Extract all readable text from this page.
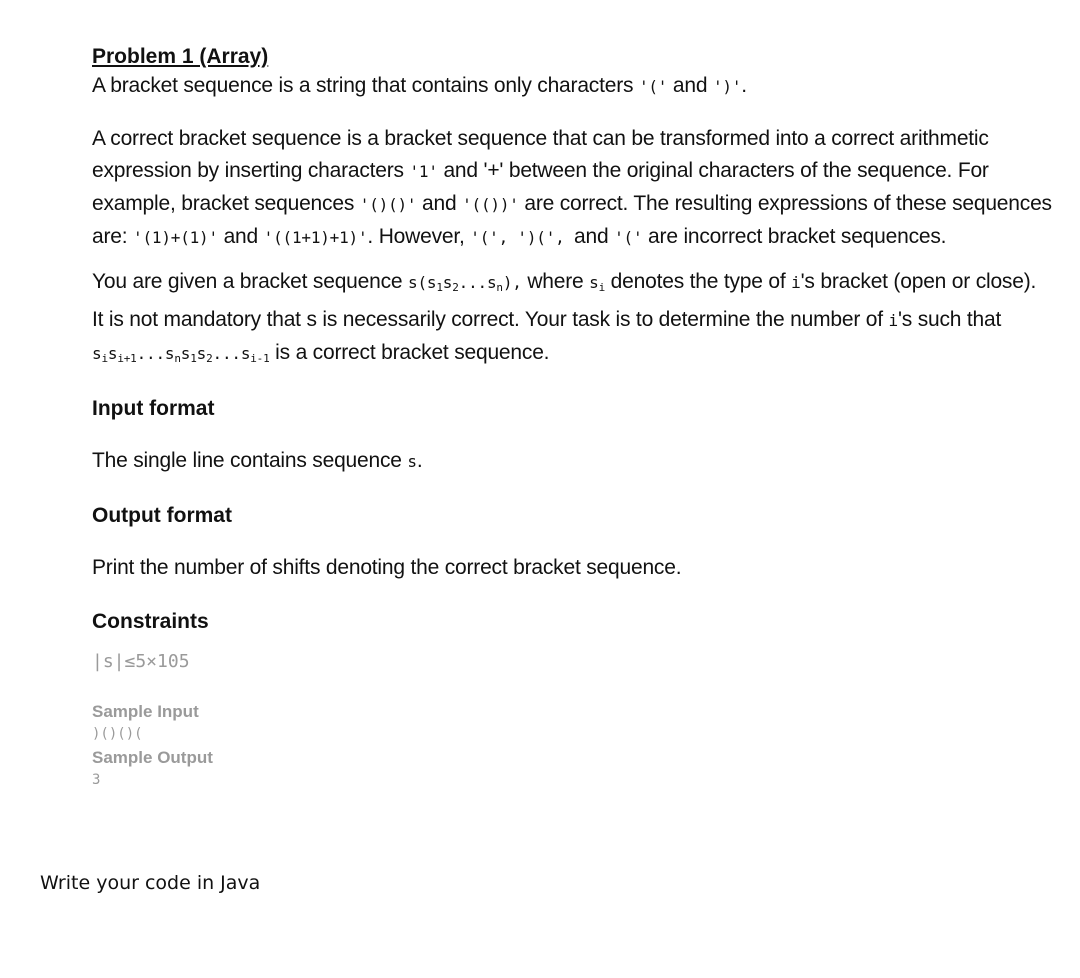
Problem 1 (Array)

A bracket sequence is a string that contains only characters '(' and ')'.

A correct bracket sequence is a bracket sequence that can be transformed into a correct arithmetic expression by inserting characters '1' and '+' between the original characters of the sequence. For example, bracket sequences '()()' and '(())' are correct. The resulting expressions of these sequences are: '(1)+(1)' and '((1+1)+1)'. However, '(', ')(', and '(' are incorrect bracket sequences.

You are given a bracket sequence $s(s_1s_2...s_n)$, where $s_i$ denotes the type of i's bracket (open or close). It is not mandatory that s is necessarily correct. Your task is to determine the number of i's such that $s_is_{i+1}...s_ns_1s_2...s_{i-1}$ is a correct bracket sequence.

Input format

The single line contains sequence s.

Output format

Print the number of shifts denoting the correct bracket sequence.

Constraints

|s|≤5×105

Sample Input
)()()(
Sample Output
3
Write your code in Java
